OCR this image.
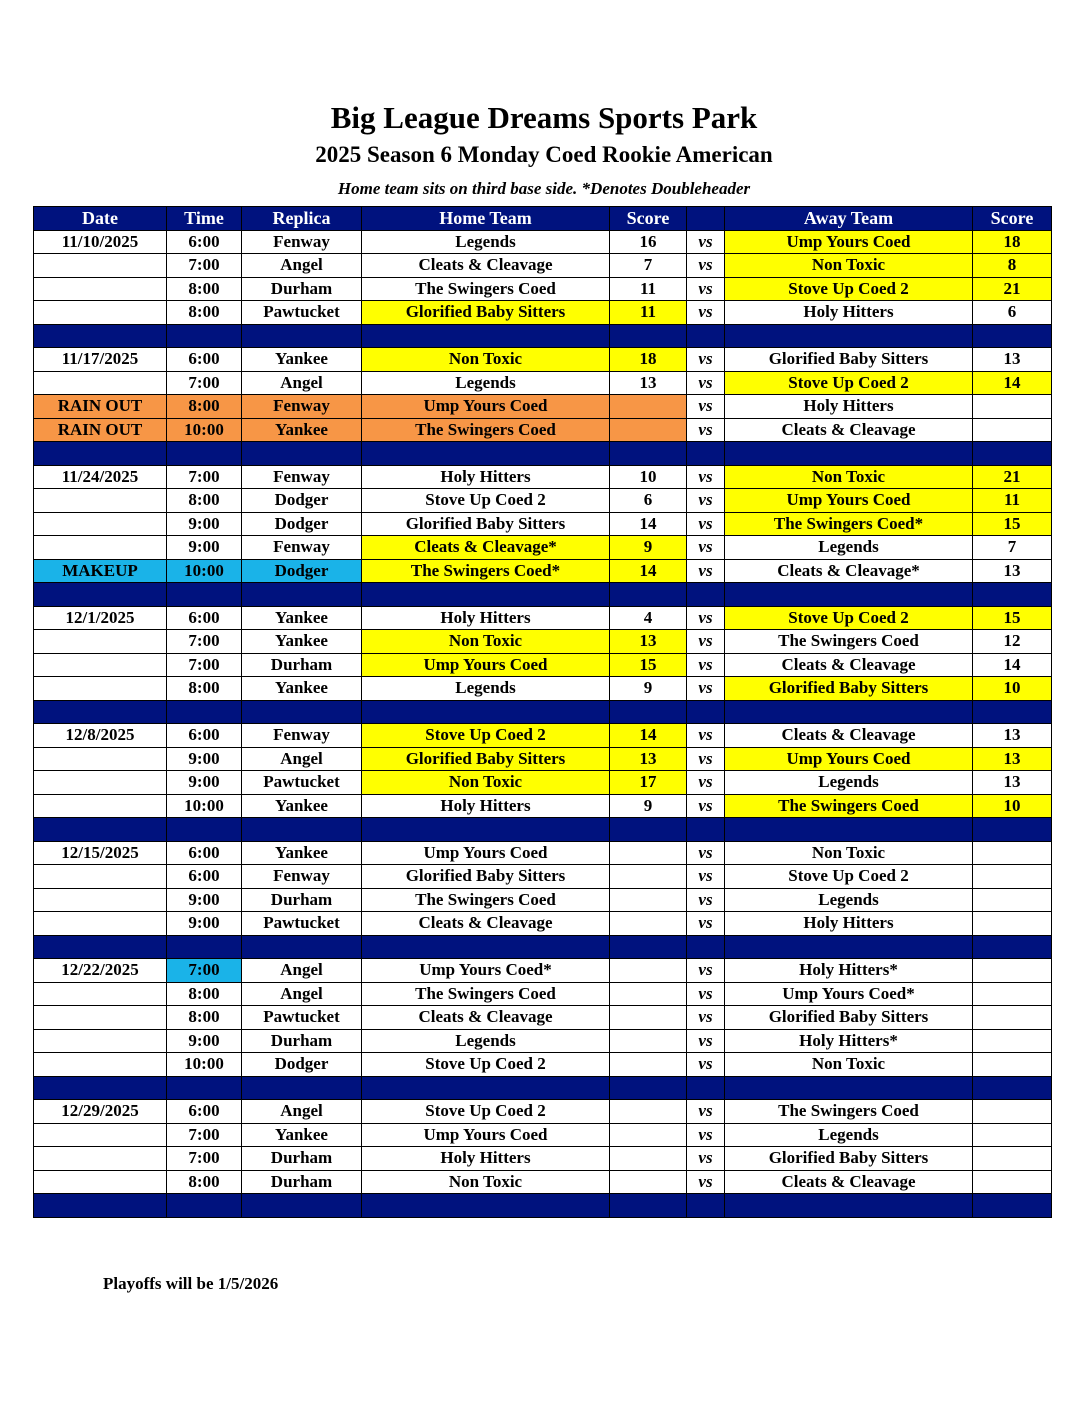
Big League Dreams Sports Park
2025 Season 6 Monday Coed Rookie American
Home team sits on third base side. *Denotes Doubleheader
Date	Time	Replica	Home Team	Score		Away Team	Score
11/10/2025	6:00	Fenway	Legends	16	vs	Ump Yours Coed	18
	7:00	Angel	Cleats & Cleavage	7	vs	Non Toxic	8
	8:00	Durham	The Swingers Coed	11	vs	Stove Up Coed 2	21
	8:00	Pawtucket	Glorified Baby Sitters	11	vs	Holy Hitters	6

11/17/2025	6:00	Yankee	Non Toxic	18	vs	Glorified Baby Sitters	13
	7:00	Angel	Legends	13	vs	Stove Up Coed 2	14
RAIN OUT	8:00	Fenway	Ump Yours Coed		vs	Holy Hitters	
RAIN OUT	10:00	Yankee	The Swingers Coed		vs	Cleats & Cleavage	

11/24/2025	7:00	Fenway	Holy Hitters	10	vs	Non Toxic	21
	8:00	Dodger	Stove Up Coed 2	6	vs	Ump Yours Coed	11
	9:00	Dodger	Glorified Baby Sitters	14	vs	The Swingers Coed*	15
	9:00	Fenway	Cleats & Cleavage*	9	vs	Legends	7
MAKEUP	10:00	Dodger	The Swingers Coed*	14	vs	Cleats & Cleavage*	13

12/1/2025	6:00	Yankee	Holy Hitters	4	vs	Stove Up Coed 2	15
	7:00	Yankee	Non Toxic	13	vs	The Swingers Coed	12
	7:00	Durham	Ump Yours Coed	15	vs	Cleats & Cleavage	14
	8:00	Yankee	Legends	9	vs	Glorified Baby Sitters	10

12/8/2025	6:00	Fenway	Stove Up Coed 2	14	vs	Cleats & Cleavage	13
	9:00	Angel	Glorified Baby Sitters	13	vs	Ump Yours Coed	13
	9:00	Pawtucket	Non Toxic	17	vs	Legends	13
	10:00	Yankee	Holy Hitters	9	vs	The Swingers Coed	10

12/15/2025	6:00	Yankee	Ump Yours Coed		vs	Non Toxic	
	6:00	Fenway	Glorified Baby Sitters		vs	Stove Up Coed 2	
	9:00	Durham	The Swingers Coed		vs	Legends	
	9:00	Pawtucket	Cleats & Cleavage		vs	Holy Hitters	

12/22/2025	7:00	Angel	Ump Yours Coed*		vs	Holy Hitters*	
	8:00	Angel	The Swingers Coed		vs	Ump Yours Coed*	
	8:00	Pawtucket	Cleats & Cleavage		vs	Glorified Baby Sitters	
	9:00	Durham	Legends		vs	Holy Hitters*	
	10:00	Dodger	Stove Up Coed 2		vs	Non Toxic	

12/29/2025	6:00	Angel	Stove Up Coed 2		vs	The Swingers Coed	
	7:00	Yankee	Ump Yours Coed		vs	Legends	
	7:00	Durham	Holy Hitters		vs	Glorified Baby Sitters	
	8:00	Durham	Non Toxic		vs	Cleats & Cleavage	

Playoffs will be 1/5/2026
